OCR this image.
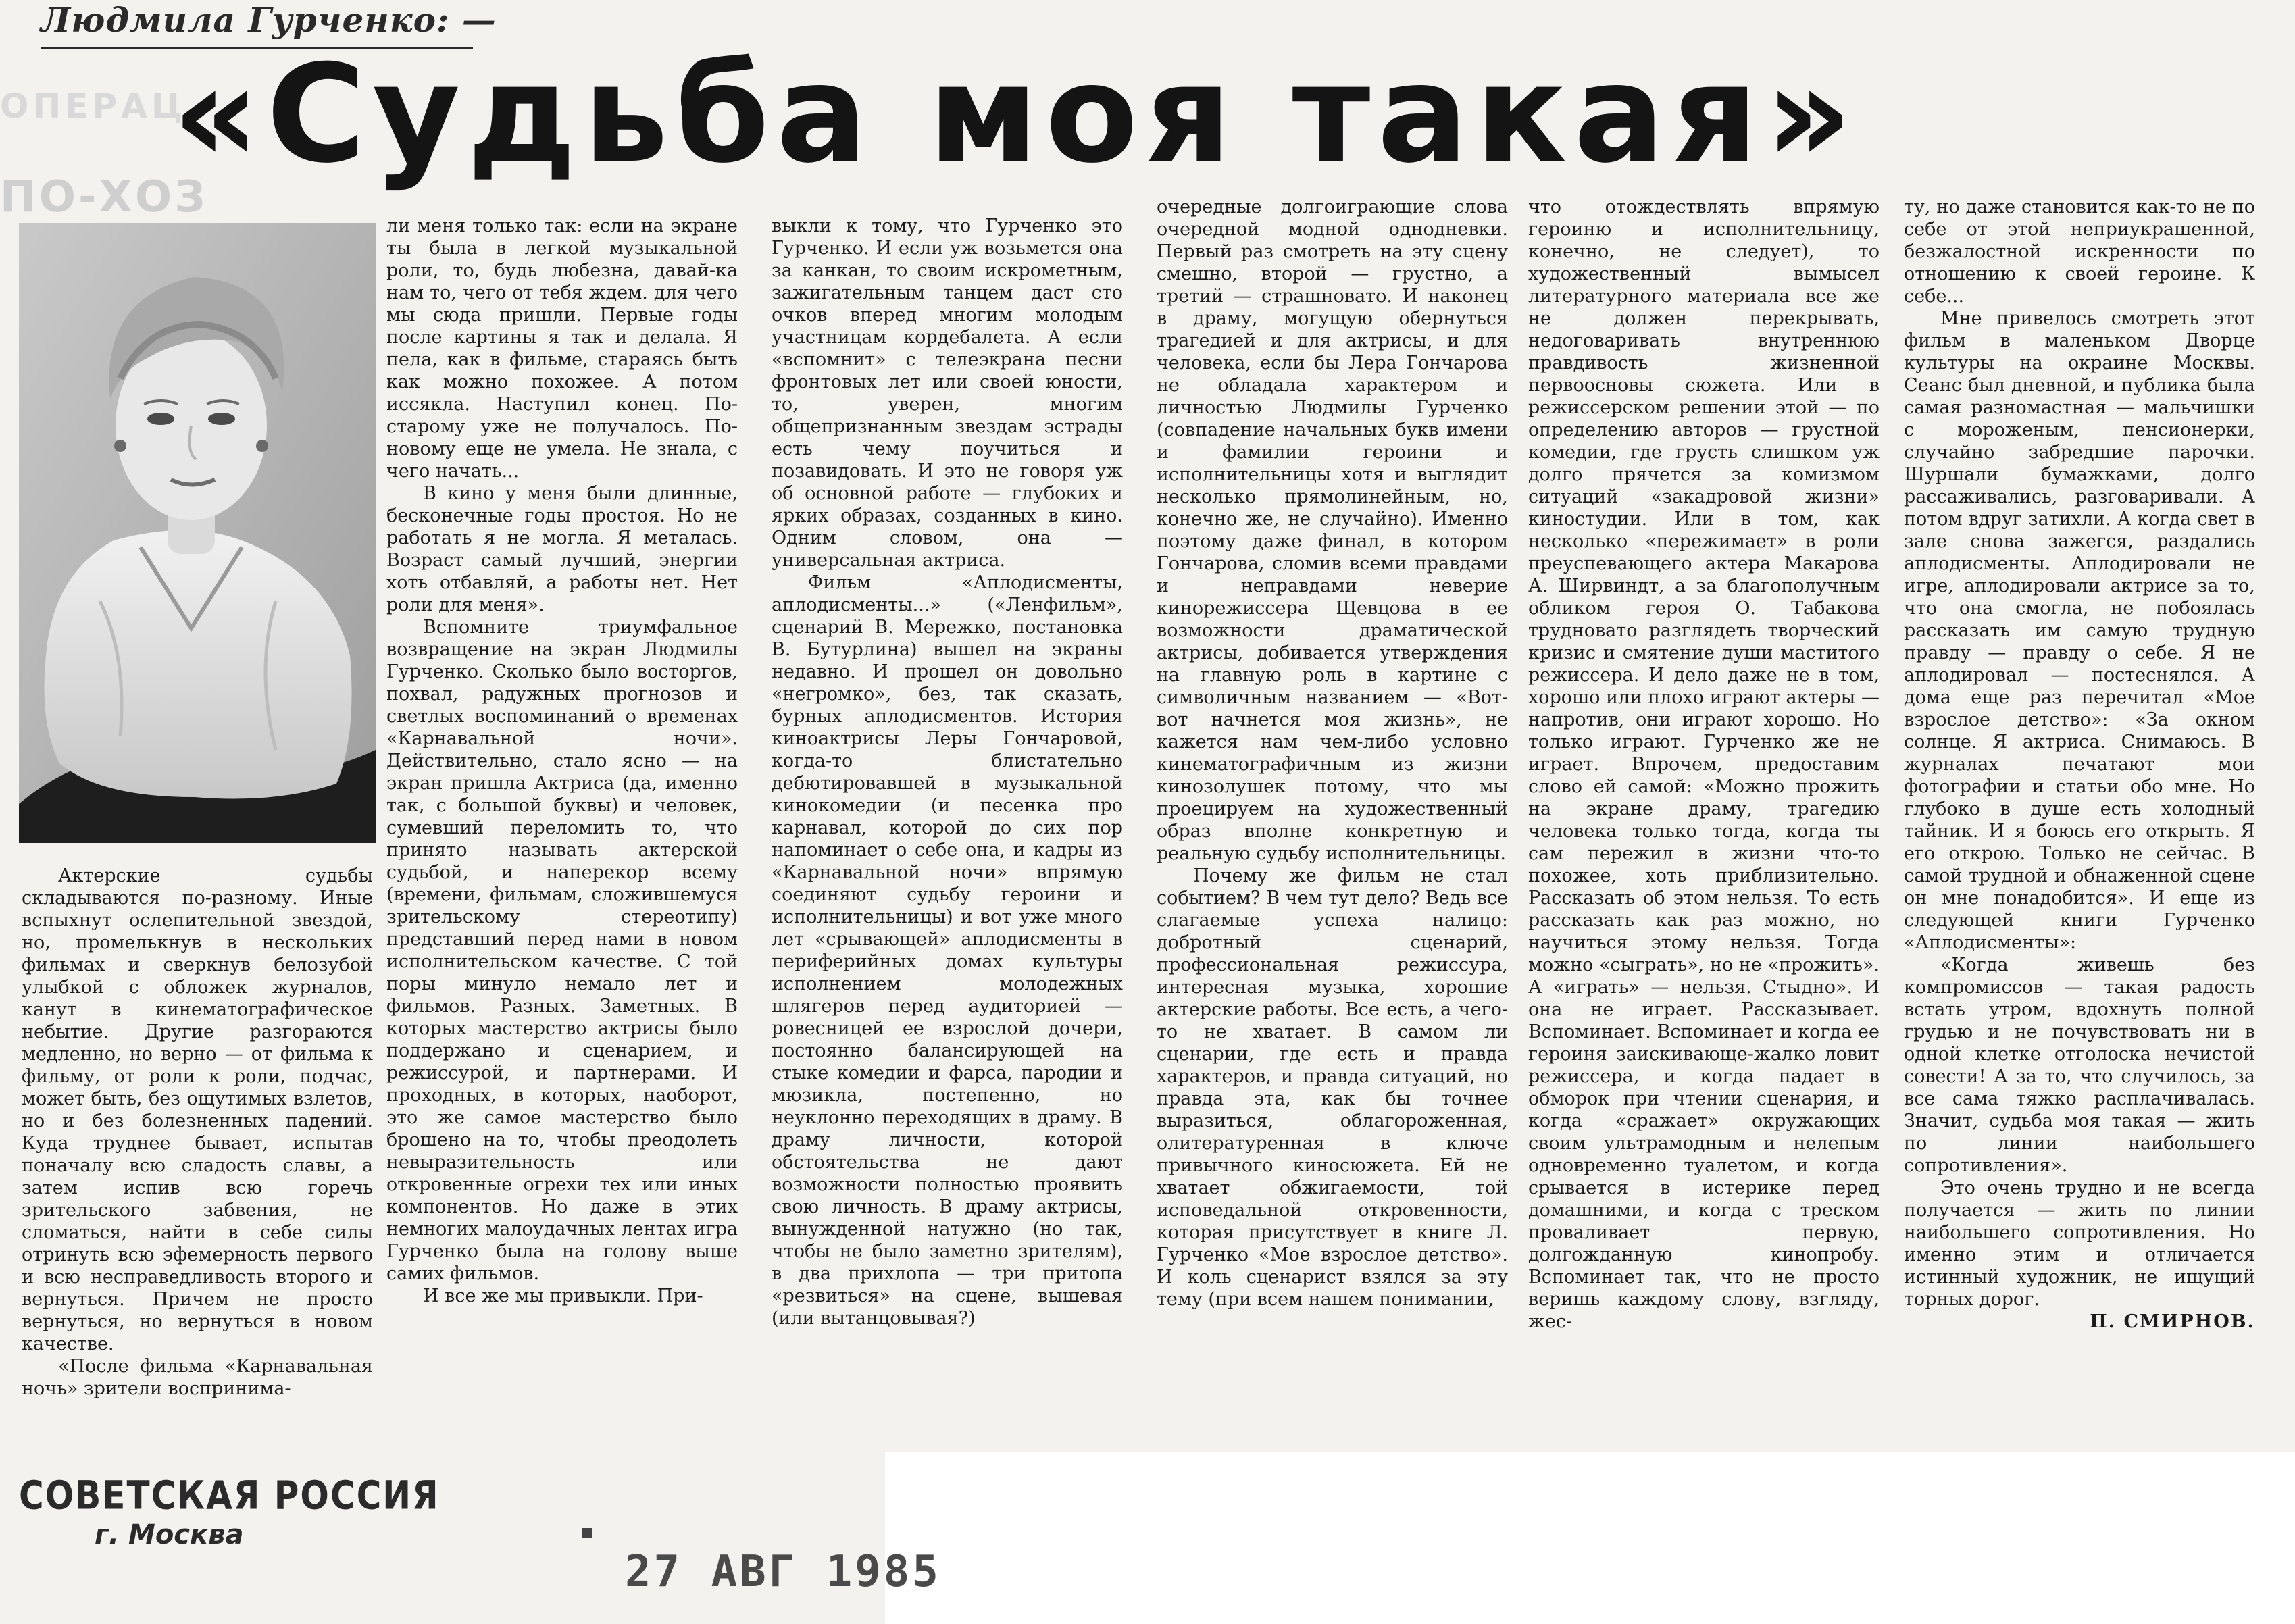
ПО-ХОЗ
ОПЕРАЦ
Людмила Гурченко: —
«Судьба моя такая»

Актерские судьбы складываются по-разному. Иные вспыхнут ослепительной звездой, но, промелькнув в нескольких фильмах и сверкнув белозубой улыбкой с обложек журналов, канут в кинематографическое небытие. Другие разгораются медленно, но верно — от фильма к фильму, от роли к роли, подчас, может быть, без ощутимых взлетов, но и без болезненных падений. Куда труднее бывает, испытав поначалу всю сладость славы, а затем испив всю горечь зрительского забвения, не сломаться, найти в себе силы отринуть всю эфемерность первого и всю несправедливость второго и вернуться. Причем не просто вернуться, но вернуться в новом качестве.

«После фильма «Карнавальная ночь» зрители воспринима-

ли меня только так: если на экране ты была в легкой музыкальной роли, то, будь любезна, давай-ка нам то, чего от тебя ждем. для чего мы сюда пришли. Первые годы после картины я так и делала. Я пела, как в фильме, стараясь быть как можно похожее. А потом иссякла. Наступил конец. По-старому уже не получалось. По-новому еще не умела. Не знала, с чего начать...

В кино у меня были длинные, бесконечные годы простоя. Но не работать я не могла. Я металась. Возраст самый лучший, энергии хоть отбавляй, а работы нет. Нет роли для меня».

Вспомните триумфальное возвращение на экран Людмилы Гурченко. Сколько было восторгов, похвал, радужных прогнозов и светлых воспоминаний о временах «Карнавальной ночи». Действительно, стало ясно — на экран пришла Актриса (да, именно так, с большой буквы) и человек, сумевший переломить то, что принято называть актерской судьбой, и наперекор всему (времени, фильмам, сложившемуся зрительскому стереотипу) представший перед нами в новом исполнительском качестве. С той поры минуло немало лет и фильмов. Разных. Заметных. В которых мастерство актрисы было поддержано и сценарием, и режиссурой, и партнерами. И проходных, в которых, наоборот, это же самое мастерство было брошено на то, чтобы преодолеть невыразительность или откровенные огрехи тех или иных компонентов. Но даже в этих немногих малоудачных лентах игра Гурченко была на голову выше самих фильмов.

И все же мы привыкли. При-

выкли к тому, что Гурченко это Гурченко. И если уж возьмется она за канкан, то своим искрометным, зажигательным танцем даст сто очков вперед многим молодым участницам кордебалета. А если «вспомнит» с телеэкрана песни фронтовых лет или своей юности, то, уверен, многим общепризнанным звездам эстрады есть чему поучиться и позавидовать. И это не говоря уж об основной работе — глубоких и ярких образах, созданных в кино. Одним словом, она — универсальная актриса.

Фильм «Аплодисменты, аплодисменты...» («Ленфильм», сценарий В. Мережко, постановка В. Бутурлина) вышел на экраны недавно. И прошел он довольно «негромко», без, так сказать, бурных аплодисментов. История киноактрисы Леры Гончаровой, когда-то блистательно дебютировавшей в музыкальной кинокомедии (и песенка про карнавал, которой до сих пор напоминает о себе она, и кадры из «Карнавальной ночи» впрямую соединяют судьбу героини и исполнительницы) и вот уже много лет «срывающей» аплодисменты в периферийных домах культуры исполнением молодежных шлягеров перед аудиторией — ровесницей ее взрослой дочери, постоянно балансирующей на стыке комедии и фарса, пародии и мюзикла, постепенно, но неуклонно переходящих в драму. В драму личности, которой обстоятельства не дают возможности полностью проявить свою личность. В драму актрисы, вынужденной натужно (но так, чтобы не было заметно зрителям), в два прихлопа — три притопа «резвиться» на сцене, вышевая (или вытанцовывая?)

очередные долгоиграющие слова очередной модной однодневки. Первый раз смотреть на эту сцену смешно, второй — грустно, а третий — страшновато. И наконец в драму, могущую обернуться трагедией и для актрисы, и для человека, если бы Лера Гончарова не обладала характером и личностью Людмилы Гурченко (совпадение начальных букв имени и фамилии героини и исполнительницы хотя и выглядит несколько прямолинейным, но, конечно же, не случайно). Именно поэтому даже финал, в котором Гончарова, сломив всеми правдами и неправдами неверие кинорежиссера Щевцова в ее возможности драматической актрисы, добивается утверждения на главную роль в картине с символичным названием — «Вот-вот начнется моя жизнь», не кажется нам чем-либо условно кинематографичным из жизни кинозолушек потому, что мы проецируем на художественный образ вполне конкретную и реальную судьбу исполнительницы.

Почему же фильм не стал событием? В чем тут дело? Ведь все слагаемые успеха налицо: добротный сценарий, профессиональная режиссура, интересная музыка, хорошие актерские работы. Все есть, а чего-то не хватает. В самом ли сценарии, где есть и правда характеров, и правда ситуаций, но правда эта, как бы точнее выразиться, облагороженная, олитературенная в ключе привычного киносюжета. Ей не хватает обжигаемости, той исповедальной откровенности, которая присутствует в книге Л. Гурченко «Мое взрослое детство». И коль сценарист взялся за эту тему (при всем нашем понимании,

что отождествлять впрямую героиню и исполнительницу, конечно, не следует), то художественный вымысел литературного материала все же не должен перекрывать, недоговаривать внутреннюю правдивость жизненной первоосновы сюжета. Или в режиссерском решении этой — по определению авторов — грустной комедии, где грусть слишком уж долго прячется за комизмом ситуаций «закадровой жизни» киностудии. Или в том, как несколько «пережимает» в роли преуспевающего актера Макарова А. Ширвиндт, а за благополучным обликом героя О. Табакова трудновато разглядеть творческий кризис и смятение души маститого режиссера. И дело даже не в том, хорошо или плохо играют актеры — напротив, они играют хорошо. Но только играют. Гурченко же не играет. Впрочем, предоставим слово ей самой: «Можно прожить на экране драму, трагедию человека только тогда, когда ты сам пережил в жизни что-то похожее, хоть приблизительно. Рассказать об этом нельзя. То есть рассказать как раз можно, но научиться этому нельзя. Тогда можно «сыграть», но не «прожить». А «играть» — нельзя. Стыдно». И она не играет. Рассказывает. Вспоминает. Вспоминает и когда ее героиня заискивающе-жалко ловит режиссера, и когда падает в обморок при чтении сценария, и когда «сражает» окружающих своим ультрамодным и нелепым одновременно туалетом, и когда срывается в истерике перед домашними, и когда с треском проваливает первую, долгожданную кинопробу. Вспоминает так, что не просто веришь каждому слову, взгляду, жес-

ту, но даже становится как-то не по себе от этой неприукрашенной, безжалостной искренности по отношению к своей героине. К себе...

Мне привелось смотреть этот фильм в маленьком Дворце культуры на окраине Москвы. Сеанс был дневной, и публика была самая разномастная — мальчишки с мороженым, пенсионерки, случайно забредшие парочки. Шуршали бумажками, долго рассаживались, разговаривали. А потом вдруг затихли. А когда свет в зале снова зажегся, раздались аплодисменты. Аплодировали не игре, аплодировали актрисе за то, что она смогла, не побоялась рассказать им самую трудную правду — правду о себе. Я не аплодировал — постеснялся. А дома еще раз перечитал «Мое взрослое детство»: «За окном солнце. Я актриса. Снимаюсь. В журналах печатают мои фотографии и статьи обо мне. Но глубоко в душе есть холодный тайник. И я боюсь его открыть. Я его открою. Только не сейчас. В самой трудной и обнаженной сцене он мне понадобится». И еще из следующей книги Гурченко «Аплодисменты»:

«Когда живешь без компромиссов — такая радость встать утром, вдохнуть полной грудью и не почувствовать ни в одной клетке отголоска нечистой совести! А за то, что случилось, за все сама тяжко расплачивалась. Значит, судьба моя такая — жить по линии наибольшего сопротивления».

Это очень трудно и не всегда получается — жить по линии наибольшего сопротивления. Но именно этим и отличается истинный художник, не ищущий торных дорог.

П. СМИРНОВ.

СОВЕТСКАЯ РОССИЯ
г. Москва
27 АВГ 1985
